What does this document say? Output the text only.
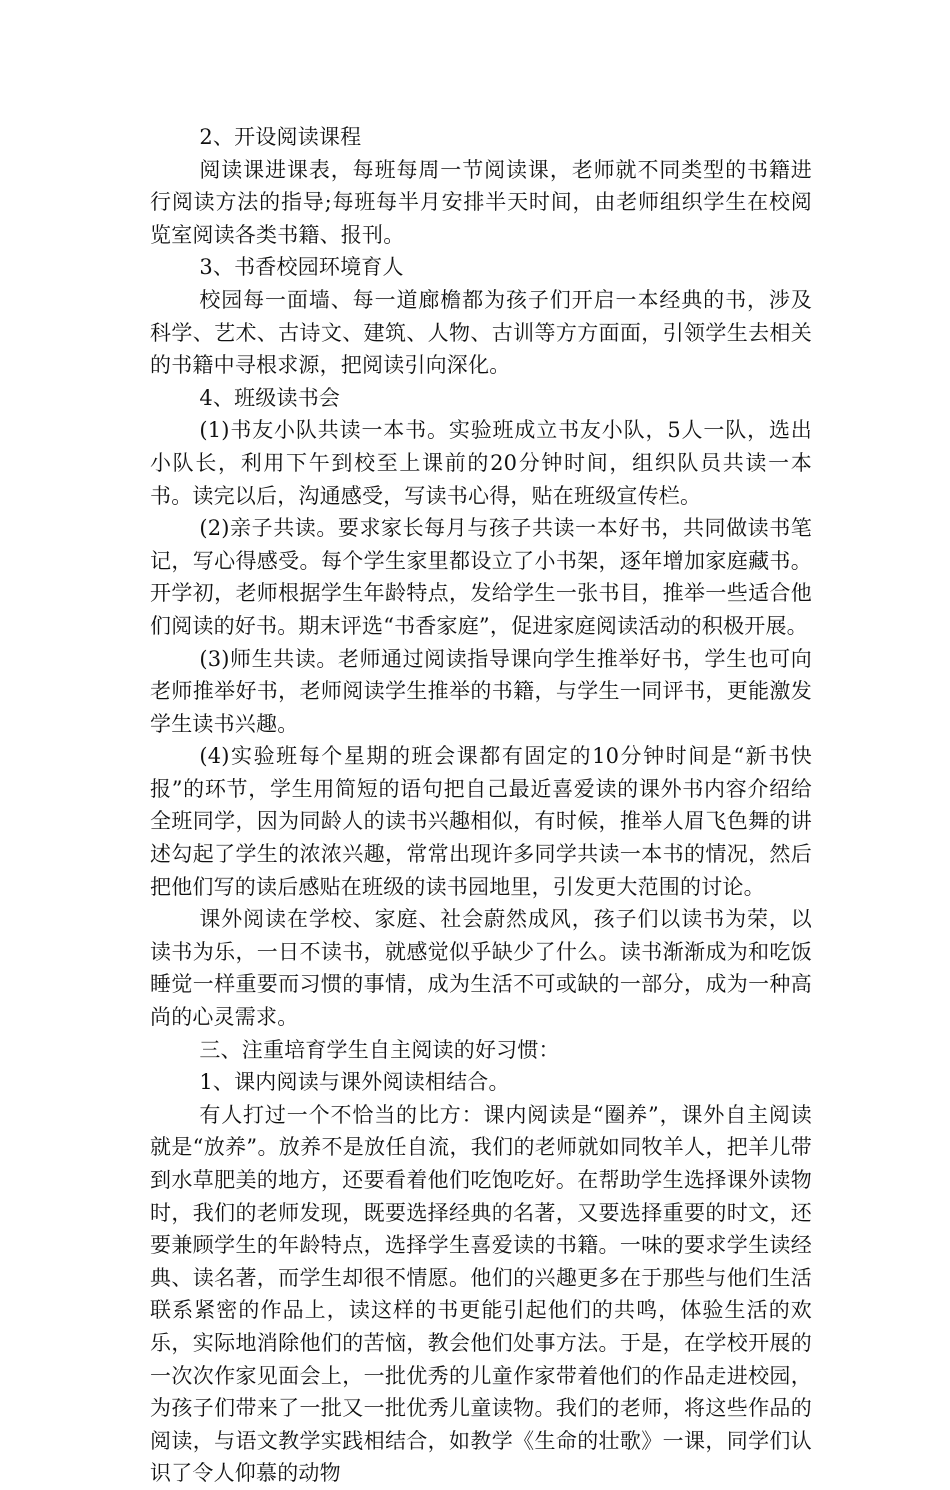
2、开设阅读课程

阅读课进课表，每班每周一节阅读课，老师就不同类型的书籍进行阅读方法的指导;每班每半月安排半天时间，由老师组织学生在校阅览室阅读各类书籍、报刊。

3、书香校园环境育人

校园每一面墙、每一道廊檐都为孩子们开启一本经典的书，涉及科学、艺术、古诗文、建筑、人物、古训等方方面面，引领学生去相关的书籍中寻根求源，把阅读引向深化。

4、班级读书会

(1)书友小队共读一本书。实验班成立书友小队，5人一队，选出小队长，利用下午到校至上课前的20分钟时间，组织队员共读一本书。读完以后，沟通感受，写读书心得，贴在班级宣传栏。

(2)亲子共读。要求家长每月与孩子共读一本好书，共同做读书笔记，写心得感受。每个学生家里都设立了小书架，逐年增加家庭藏书。开学初，老师根据学生年龄特点，发给学生一张书目，推举一些适合他们阅读的好书。期末评选“书香家庭”，促进家庭阅读活动的积极开展。

(3)师生共读。老师通过阅读指导课向学生推举好书，学生也可向老师推举好书，老师阅读学生推举的书籍，与学生一同评书，更能激发学生读书兴趣。

(4)实验班每个星期的班会课都有固定的10分钟时间是“新书快报”的环节，学生用简短的语句把自己最近喜爱读的课外书内容介绍给全班同学，因为同龄人的读书兴趣相似，有时候，推举人眉飞色舞的讲述勾起了学生的浓浓兴趣，常常出现许多同学共读一本书的情况，然后把他们写的读后感贴在班级的读书园地里，引发更大范围的讨论。

课外阅读在学校、家庭、社会蔚然成风，孩子们以读书为荣，以读书为乐，一日不读书，就感觉似乎缺少了什么。读书渐渐成为和吃饭睡觉一样重要而习惯的事情，成为生活不可或缺的一部分，成为一种高尚的心灵需求。

三、注重培育学生自主阅读的好习惯：

1、课内阅读与课外阅读相结合。

有人打过一个不恰当的比方：课内阅读是“圈养”，课外自主阅读就是“放养”。放养不是放任自流，我们的老师就如同牧羊人，把羊儿带到水草肥美的地方，还要看着他们吃饱吃好。在帮助学生选择课外读物时，我们的老师发现，既要选择经典的名著，又要选择重要的时文，还要兼顾学生的年龄特点，选择学生喜爱读的书籍。一味的要求学生读经典、读名著，而学生却很不情愿。他们的兴趣更多在于那些与他们生活联系紧密的作品上，读这样的书更能引起他们的共鸣，体验生活的欢乐，实际地消除他们的苦恼，教会他们处事方法。于是，在学校开展的一次次作家见面会上，一批优秀的儿童作家带着他们的作品走进校园，为孩子们带来了一批又一批优秀儿童读物。我们的老师，将这些作品的阅读，与语文教学实践相结合，如教学《生命的壮歌》一课，同学们认识了令人仰慕的动物
